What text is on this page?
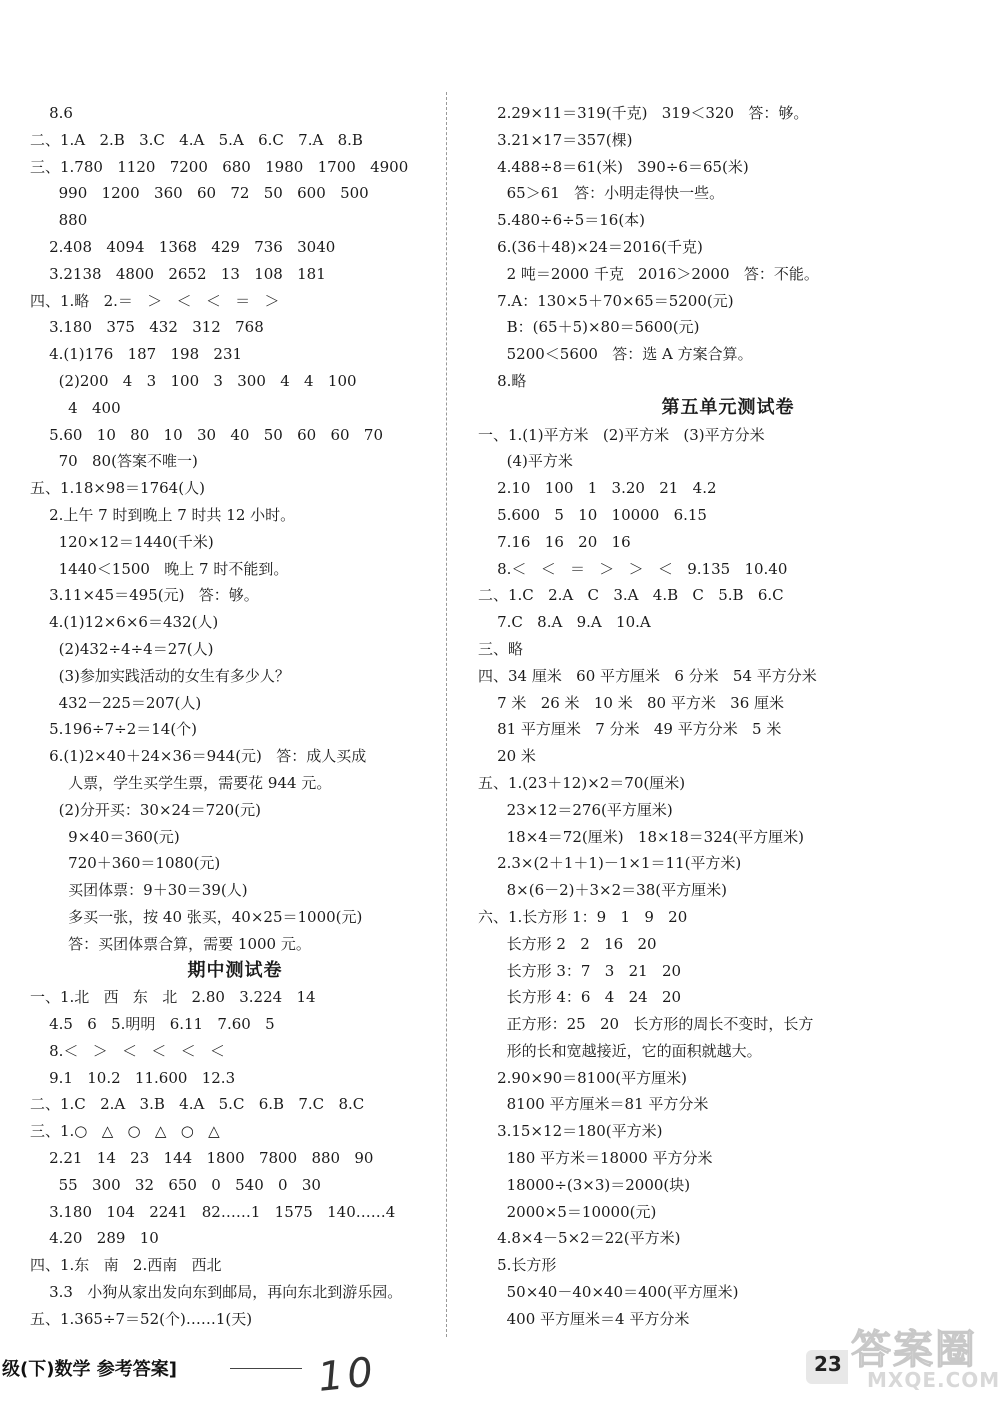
8.6
二、1.A   2.B   3.C   4.A   5.A   6.C   7.A   8.B
三、1.780   1120   7200   680   1980   1700   4900
990   1200   360   60   72   50   600   500
880
2.408   4094   1368   429   736   3040
3.2138   4800   2652   13   108   181
四、1.略   2.＝   ＞   ＜   ＜   ＝   ＞
3.180   375   432   312   768
4.(1)176   187   198   231
(2)200   4   3   100   3   300   4   4   100
4   400
5.60   10   80   10   30   40   50   60   60   70
70   80(答案不唯一)
五、1.18×98＝1764(人)
2.上午 7 时到晚上 7 时共 12 小时。
120×12＝1440(千米)
1440＜1500   晚上 7 时不能到。
3.11×45＝495(元)   答：够。
4.(1)12×6×6＝432(人)
(2)432÷4÷4＝27(人)
(3)参加实践活动的女生有多少人？
432－225＝207(人)
5.196÷7÷2＝14(个)
6.(1)2×40＋24×36＝944(元)   答：成人买成
人票，学生买学生票，需要花 944 元。
(2)分开买：30×24＝720(元)
9×40＝360(元)
720＋360＝1080(元)
买团体票：9＋30＝39(人)
多买一张，按 40 张买，40×25＝1000(元)
答：买团体票合算，需要 1000 元。
期中测试卷
一、1.北   西   东   北   2.80   3.224   14
4.5   6   5.明明   6.11   7.60   5
8.＜   ＞   ＜   ＜   ＜   ＜
9.1   10.2   11.600   12.3
二、1.C   2.A   3.B   4.A   5.C   6.B   7.C   8.C
三、1.○   △   ○   △   ○   △
2.21   14   23   144   1800   7800   880   90
55   300   32   650   0   540   0   30
3.180   104   2241   82……1   1575   140……4
4.20   289   10
四、1.东   南   2.西南   西北
3.3   小狗从家出发向东到邮局，再向东北到游乐园。
五、1.365÷7＝52(个)……1(天)
2.29×11＝319(千克)   319＜320   答：够。
3.21×17＝357(棵)
4.488÷8＝61(米)   390÷6＝65(米)
65＞61   答：小明走得快一些。
5.480÷6÷5＝16(本)
6.(36＋48)×24＝2016(千克)
2 吨＝2000 千克   2016＞2000   答：不能。
7.A：130×5＋70×65＝5200(元)
B：(65＋5)×80＝5600(元)
5200＜5600   答：选 A 方案合算。
8.略
第五单元测试卷
一、1.(1)平方米   (2)平方米   (3)平方分米
(4)平方米
2.10   100   1   3.20   21   4.2
5.600   5   10   10000   6.15
7.16   16   20   16
8.＜   ＜   ＝   ＞   ＞   ＜   9.135   10.40
二、1.C   2.A   C   3.A   4.B   C   5.B   6.C
7.C   8.A   9.A   10.A
三、略
四、34 厘米   60 平方厘米   6 分米   54 平方分米
7 米   26 米   10 米   80 平方米   36 厘米
81 平方厘米   7 分米   49 平方分米   5 米
20 米
五、1.(23＋12)×2＝70(厘米)
23×12＝276(平方厘米)
18×4＝72(厘米)   18×18＝324(平方厘米)
2.3×(2＋1＋1)－1×1＝11(平方米)
8×(6－2)＋3×2＝38(平方厘米)
六、1.长方形 1：9   1   9   20
长方形 2   2   16   20
长方形 3：7   3   21   20
长方形 4：6   4   24   20
正方形：25   20   长方形的周长不变时，长方
形的长和宽越接近，它的面积就越大。
2.90×90＝8100(平方厘米)
8100 平方厘米＝81 平方分米
3.15×12＝180(平方米)
180 平方米＝18000 平方分米
18000÷(3×3)＝2000(块)
2000×5＝10000(元)
4.8×4－5×2＝22(平方米)
5.长方形
50×40－40×40＝400(平方厘米)
400 平方厘米＝4 平方分米
级(下)数学 参考答案]	10	23 答案圈
MXQE.COM
